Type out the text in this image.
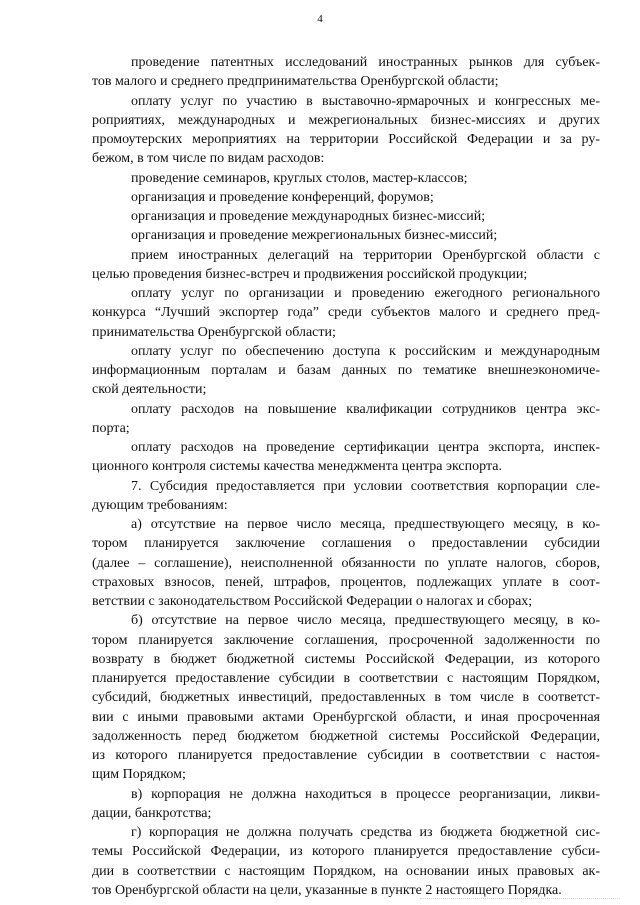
4
проведение патентных исследований иностранных рынков для субъек-
тов малого и среднего предпринимательства Оренбургской области;
оплату услуг по участию в выставочно-ярмарочных и конгрессных ме-
роприятиях, международных и межрегиональных бизнес-миссиях и других
промоутерских мероприятиях на территории Российской Федерации и за ру-
бежом, в том числе по видам расходов:
проведение семинаров, круглых столов, мастер-классов;
организация и проведение конференций, форумов;
организация и проведение международных бизнес-миссий;
организация и проведение межрегиональных бизнес-миссий;
прием иностранных делегаций на территории Оренбургской области с
целью проведения бизнес-встреч и продвижения российской продукции;
оплату услуг по организации и проведению ежегодного регионального
конкурса “Лучший экспортер года” среди субъектов малого и среднего пред-
принимательства Оренбургской области;
оплату услуг по обеспечению доступа к российским и международным
информационным порталам и базам данных по тематике внешнеэкономиче-
ской деятельности;
оплату расходов на повышение квалификации сотрудников центра экс-
порта;
оплату расходов на проведение сертификации центра экспорта, инспек-
ционного контроля системы качества менеджмента центра экспорта.
7. Субсидия предоставляется при условии соответствия корпорации сле-
дующим требованиям:
а) отсутствие на первое число месяца, предшествующего месяцу, в ко-
тором планируется заключение соглашения о предоставлении субсидии
(далее – соглашение), неисполненной обязанности по уплате налогов, сборов,
страховых взносов, пеней, штрафов, процентов, подлежащих уплате в соот-
ветствии с законодательством Российской Федерации о налогах и сборах;
б) отсутствие на первое число месяца, предшествующего месяцу, в ко-
тором планируется заключение соглашения, просроченной задолженности по
возврату в бюджет бюджетной системы Российской Федерации, из которого
планируется предоставление субсидии в соответствии с настоящим Порядком,
субсидий, бюджетных инвестиций, предоставленных в том числе в соответст-
вии с иными правовыми актами Оренбургской области, и иная просроченная
задолженность перед бюджетом бюджетной системы Российской Федерации,
из которого планируется предоставление субсидии в соответствии с настоя-
щим Порядком;
в) корпорация не должна находиться в процессе реорганизации, ликви-
дации, банкротства;
г) корпорация не должна получать средства из бюджета бюджетной сис-
темы Российской Федерации, из которого планируется предоставление субси-
дии в соответствии с настоящим Порядком, на основании иных правовых ак-
тов Оренбургской области на цели, указанные в пункте 2 настоящего Порядка.
